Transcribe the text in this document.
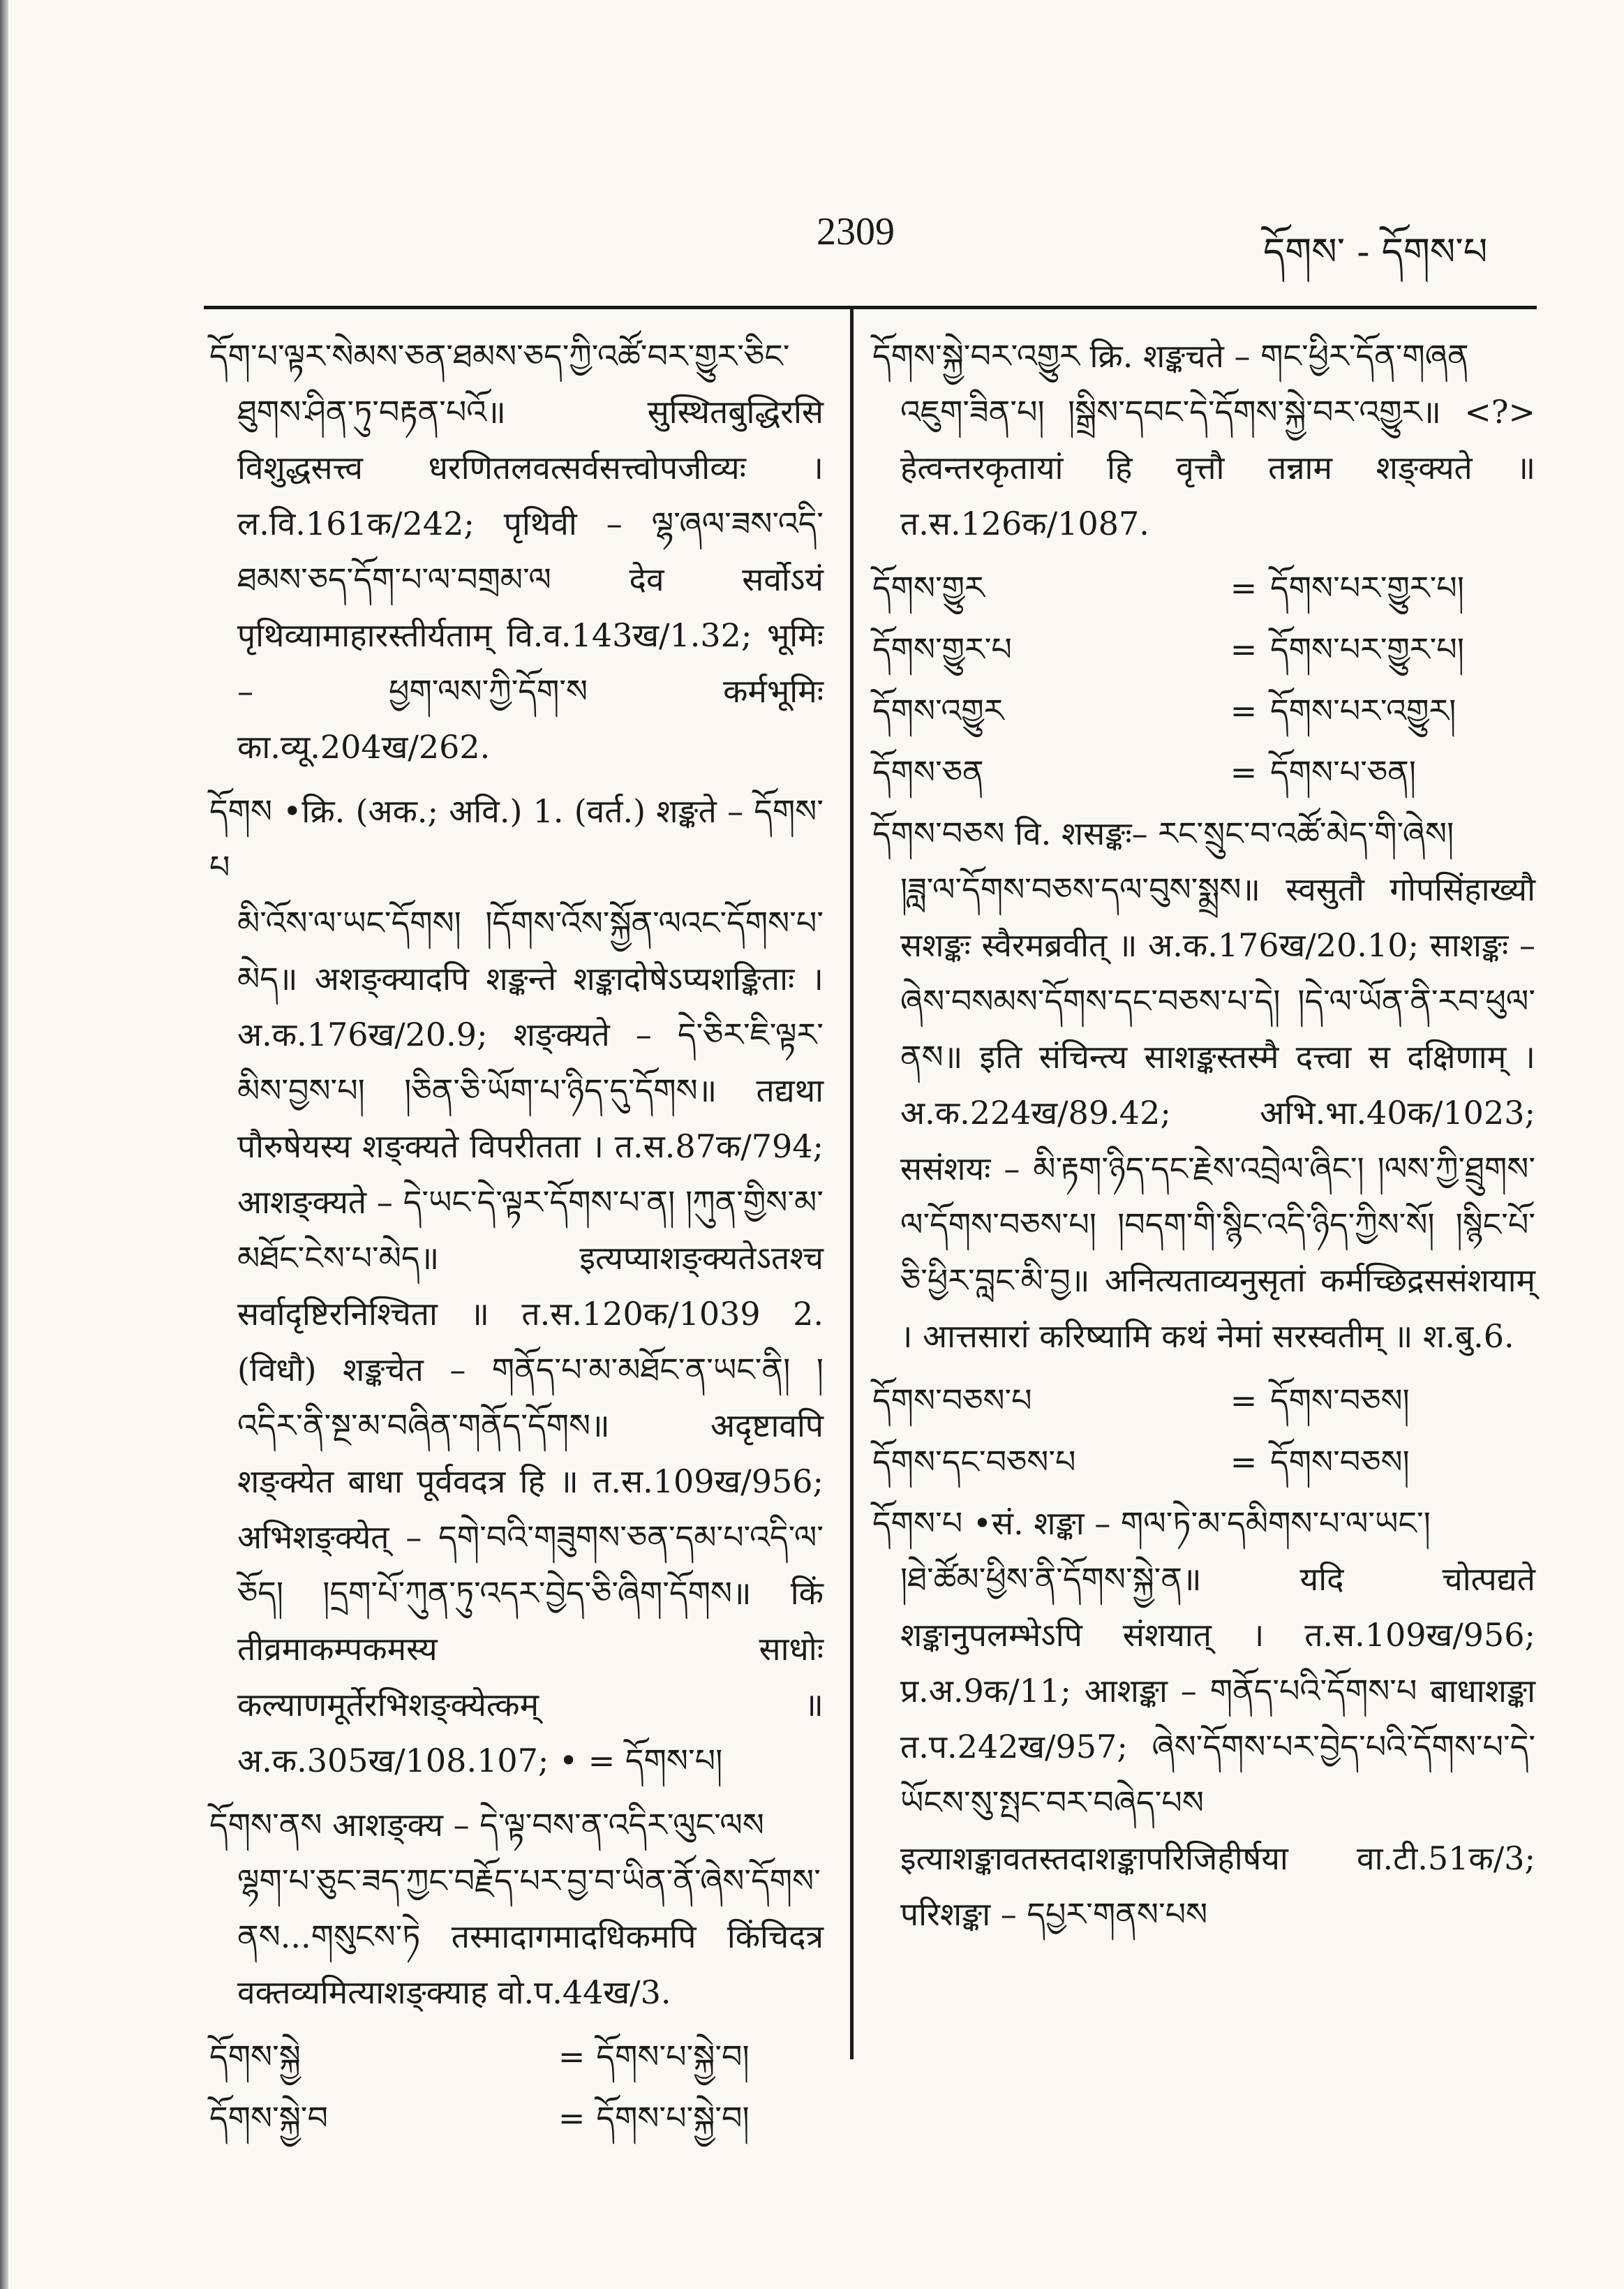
2309	དོགས་ - དོགས་པ
དོག་པ་ལྟར་སེམས་ཅན་ཐམས་ཅད་ཀྱི་འཚོ་བར་གྱུར་ཅིང་
ཐུགས་ཤིན་ཏུ་བརྟན་པའོ॥ सुस्थितबुद्धिरसि विशुद्धसत्त्व धरणितलवत्सर्वसत्त्वोपजीव्यः । ल.वि.161क/242; पृथिवी – ལྷ་ཞལ་ཟས་འདི་ཐམས་ཅད་དོག་པ་ལ་བགྲམ་ལ देव सर्वोऽयं पृथिव्यामाहारस्तीर्यताम् वि.व.143ख/1.32; भूमिः – ཕྱག་ལས་ཀྱི་དོག་ས कर्मभूमिः का.व्यू.204ख/262.
དོགས •क्रि. (अक.; अवि.) 1. (वर्त.) शङ्कते – དོགས་པ
མི་འོས་ལ་ཡང་དོགས། །དོགས་འོས་སྐྱོན་ལའང་དོགས་པ་མེད॥ अशङ्क्यादपि शङ्कन्ते शङ्कादोषेऽप्यशङ्किताः । अ.क.176ख/20.9; शङ्क्यते – དེ་ཅིར་ཇི་ལྟར་མིས་བྱས་པ། །ཅིན་ཅི་ཡོག་པ་ཉིད་དུ་དོགས॥ तद्यथा पौरुषेयस्य शङ्क्यते विपरीतता । त.स.87क/794; आशङ्क्यते – དེ་ཡང་དེ་ལྟར་དོགས་པ་ན། །ཀུན་གྱིས་མ་མཐོང་ངེས་པ་མེད॥ इत्यप्याशङ्क्यतेऽतश्च सर्वादृष्टिरनिश्चिता ॥ त.स.120क/1039 2. (विधौ) शङ्कचेत – གནོད་པ་མ་མཐོང་ན་ཡང་ནི། །འདིར་ནི་སྔ་མ་བཞིན་གནོད་དོགས॥ अदृष्टावपि शङ्क्येत बाधा पूर्ववदत्र हि ॥ त.स.109ख/956; अभिशङ्क्येत् – དགེ་བའི་གཟུགས་ཅན་དམ་པ་འདི་ལ་ཅོད། །དྲག་པོ་ཀུན་ཏུ་འདར་བྱེད་ཅི་ཞིག་དོགས॥ किं तीव्रमाकम्पकमस्य साधोः कल्याणमूर्तेरभिशङ्क्येत्कम् ॥ अ.क.305ख/108.107; • = དོགས་པ།
དོགས་ནས आशङ्क्य – དེ་ལྟ་བས་ན་འདིར་ལུང་ལས
ལྷག་པ་ཅུང་ཟད་ཀྱང་བརྗོད་པར་བྱ་བ་ཡིན་ནོ་ཞེས་དོགས་ནས...གསུངས་ཏེ तस्मादागमादधिकमपि किंचिदत्र वक्तव्यमित्याशङ्क्याह वो.प.44ख/3.
དོགས་སྐྱེ	= དོགས་པ་སྐྱེ་བ།
དོགས་སྐྱེ་བ	= དོགས་པ་སྐྱེ་བ།
དོགས་སྐྱེ་བར་འགྱུར क्रि. शङ्कचते – གང་ཕྱིར་དོན་གཞན
འཇུག་ཟིན་པ། །སྒྲིས་དབང་དེ་དོགས་སྐྱེ་བར་འགྱུར॥ <?> हेत्वन्तरकृतायां हि वृत्तौ तन्नाम शङ्क्यते ॥ त.स.126क/1087.
དོགས་གྱུར	= དོགས་པར་གྱུར་པ།
དོགས་གྱུར་པ	= དོགས་པར་གྱུར་པ།
དོགས་འགྱུར	= དོགས་པར་འགྱུར།
དོགས་ཅན	= དོགས་པ་ཅན།
དོགས་བཅས वि. शसङ्कः– རང་སྲུང་བ་འཚོ་མེད་གི་ཞེས།
།ཟླ་ལ་དོགས་བཅས་དལ་བུས་སྨྲས॥ स्वसुतौ गोपसिंहाख्यौ सशङ्कः स्वैरमब्रवीत् ॥ अ.क.176ख/20.10; साशङ्कः – ཞེས་བསམས་དོགས་དང་བཅས་པ་དེ། །དེ་ལ་ཡོན་ནི་རབ་ཕུལ་ནས॥ इति संचिन्त्य साशङ्कस्तस्मै दत्त्वा स दक्षिणाम् । अ.क.224ख/89.42; अभि.भा.40क/1023; ससंशयः – མི་རྟག་ཉིད་དང་རྗེས་འབྲེལ་ཞིང་། །ལས་ཀྱི་ཐྲུགས་ལ་དོགས་བཅས་པ། །བདག་གི་སྙིང་འདི་ཉིད་ཀྱིས་སོ། །སྙིང་པོ་ཅི་ཕྱིར་བླང་མི་བྱ॥ अनित्यताव्यनुसृतां कर्मच्छिद्रससंशयाम् । आत्तसारां करिष्यामि कथं नेमां सरस्वतीम् ॥ श.बु.6.
དོགས་བཅས་པ	= དོགས་བཅས།
དོགས་དང་བཅས་པ	= དོགས་བཅས།
དོགས་པ •सं. शङ्का – གལ་ཏེ་མ་དམིགས་པ་ལ་ཡང་།
།ཐེ་ཚོམ་ཕྱིས་ནི་དོགས་སྐྱེ་ན॥ यदि चोत्पद्यते शङ्कानुपलम्भेऽपि संशयात् । त.स.109ख/956; प्र.अ.9क/11; आशङ्का – གནོད་པའི་དོགས་པ बाधाशङ्का त.प.242ख/957; ཞེས་དོགས་པར་བྱེད་པའི་དོགས་པ་དེ་ཡོངས་སུ་སྤང་བར་བཞེད་པས इत्याशङ्कावतस्तदाशङ्कापरिजिहीर्षया वा.टी.51क/3; परिशङ्का – དཔྱར་གནས་པས
